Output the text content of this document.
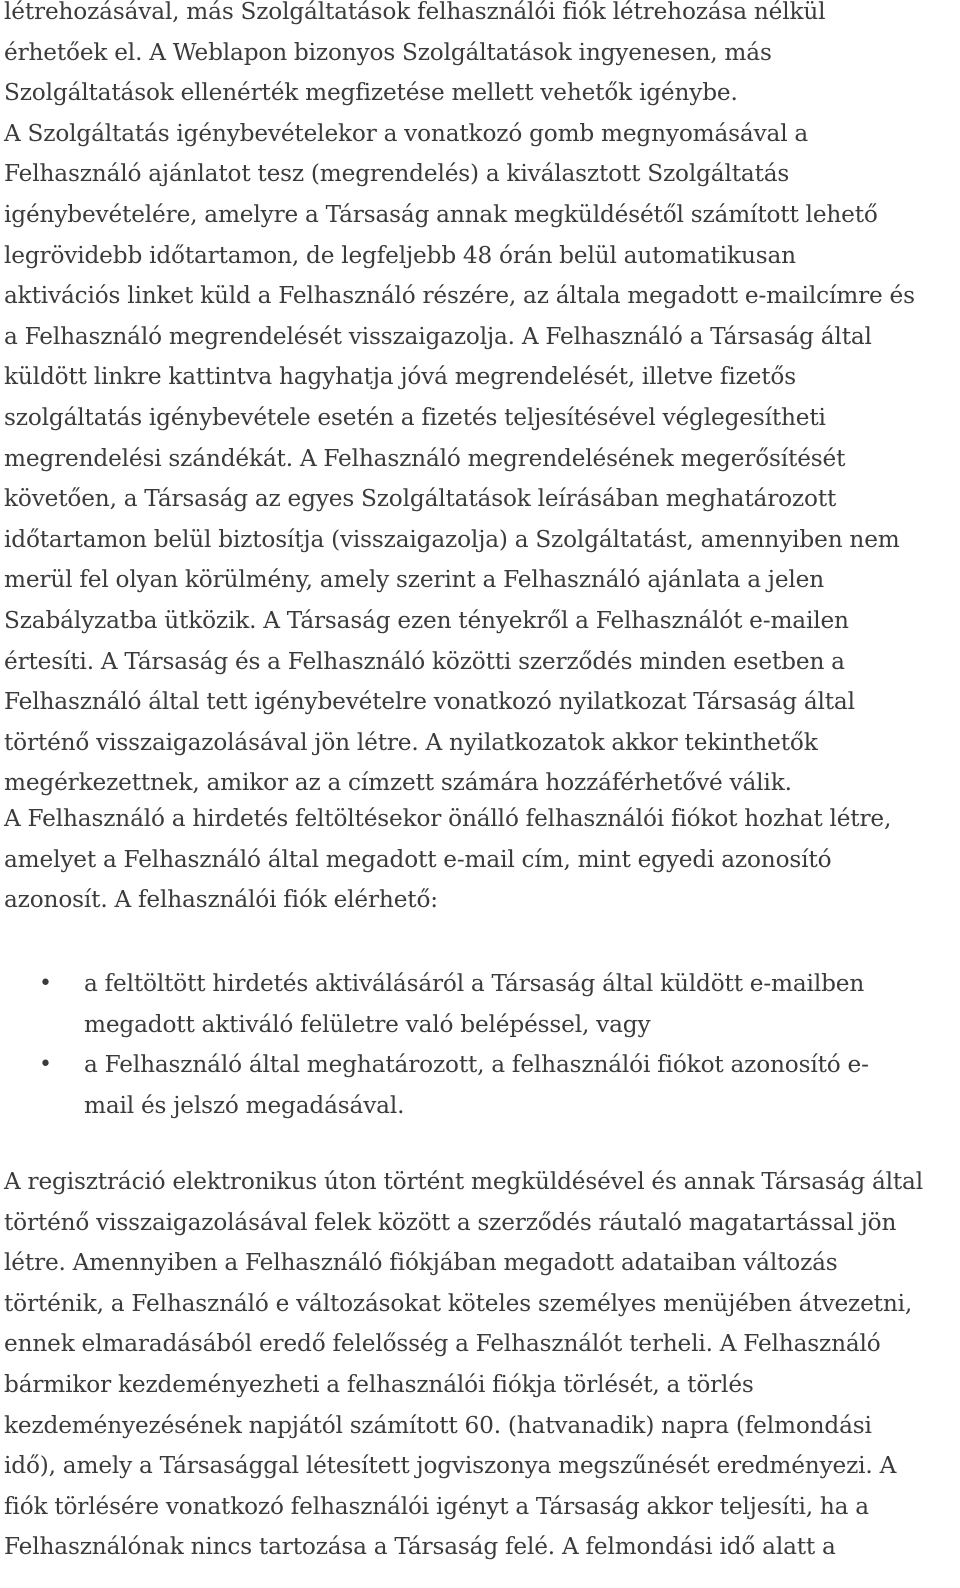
létrehozásával, más Szolgáltatások felhasználói fiók létrehozása nélkül
érhetőek el. A Weblapon bizonyos Szolgáltatások ingyenesen, más
Szolgáltatások ellenérték megfizetése mellett vehetők igénybe.
A Szolgáltatás igénybevételekor a vonatkozó gomb megnyomásával a
Felhasználó ajánlatot tesz (megrendelés) a kiválasztott Szolgáltatás
igénybevételére, amelyre a Társaság annak megküldésétől számított lehető
legrövidebb időtartamon, de legfeljebb 48 órán belül automatikusan
aktivációs linket küld a Felhasználó részére, az általa megadott e-mailcímre és
a Felhasználó megrendelését visszaigazolja. A Felhasználó a Társaság által
küldött linkre kattintva hagyhatja jóvá megrendelését, illetve fizetős
szolgáltatás igénybevétele esetén a fizetés teljesítésével véglegesítheti
megrendelési szándékát. A Felhasználó megrendelésének megerősítését
követően, a Társaság az egyes Szolgáltatások leírásában meghatározott
időtartamon belül biztosítja (visszaigazolja) a Szolgáltatást, amennyiben nem
merül fel olyan körülmény, amely szerint a Felhasználó ajánlata a jelen
Szabályzatba ütközik. A Társaság ezen tényekről a Felhasználót e-mailen
értesíti. A Társaság és a Felhasználó közötti szerződés minden esetben a
Felhasználó által tett igénybevételre vonatkozó nyilatkozat Társaság által
történő visszaigazolásával jön létre. A nyilatkozatok akkor tekinthetők
megérkezettnek, amikor az a címzett számára hozzáférhetővé válik.

A Felhasználó a hirdetés feltöltésekor önálló felhasználói fiókot hozhat létre,
amelyet a Felhasználó által megadott e-mail cím, mint egyedi azonosító
azonosít. A felhasználói fiók elérhető:

• a feltöltött hirdetés aktiválásáról a Társaság által küldött e-mailben
megadott aktiváló felületre való belépéssel, vagy
• a Felhasználó által meghatározott, a felhasználói fiókot azonosító e-
mail és jelszó megadásával.

A regisztráció elektronikus úton történt megküldésével és annak Társaság által
történő visszaigazolásával felek között a szerződés ráutaló magatartással jön
létre. Amennyiben a Felhasználó fiókjában megadott adataiban változás
történik, a Felhasználó e változásokat köteles személyes menüjében átvezetni,
ennek elmaradásából eredő felelősség a Felhasználót terheli. A Felhasználó
bármikor kezdeményezheti a felhasználói fiókja törlését, a törlés
kezdeményezésének napjától számított 60. (hatvanadik) napra (felmondási
idő), amely a Társasággal létesített jogviszonya megszűnését eredményezi. A
fiók törlésére vonatkozó felhasználói igényt a Társaság akkor teljesíti, ha a
Felhasználónak nincs tartozása a Társaság felé. A felmondási idő alatt a
